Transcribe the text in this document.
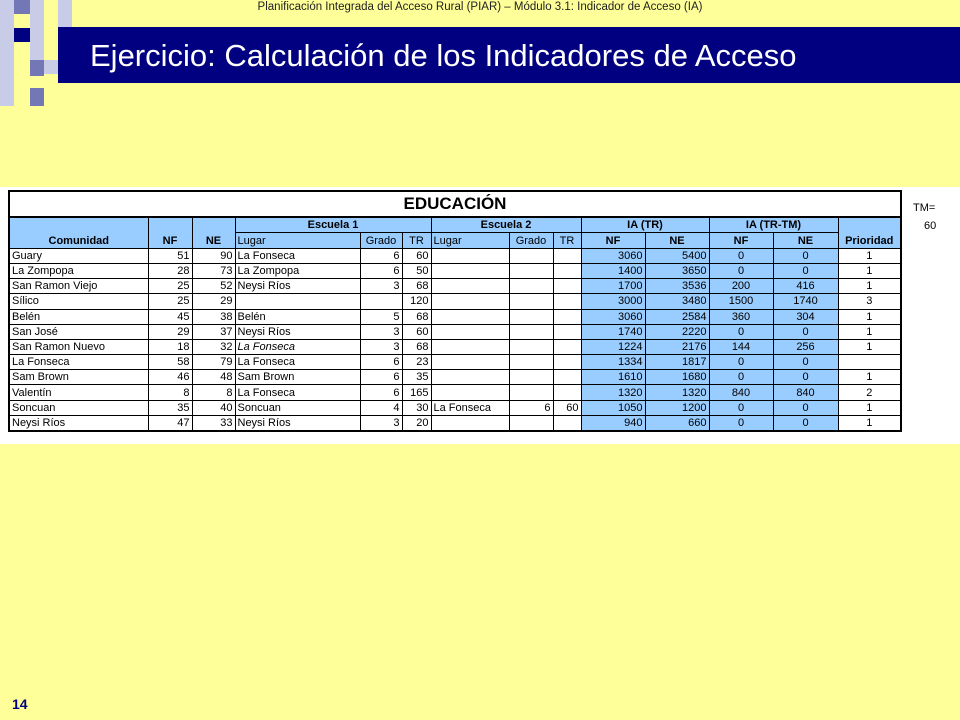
Planificación Integrada del Acceso Rural (PIAR) – Módulo 3.1: Indicador de Acceso (IA)
Ejercicio: Calculación de los Indicadores de Acceso
EDUCACIÓN													
Comunidad	NF	NE	Escuela 1			Escuela 2			IA (TR)		IA (TR-TM)		Prioridad
			Lugar	Grado	TR	Lugar	Grado	TR	NF	NE	NF	NE	
Guary	51	90	La Fonseca	6	60				3060	5400	0	0	1
La Zompopa	28	73	La Zompopa	6	50				1400	3650	0	0	1
San Ramon Viejo	25	52	Neysi Ríos	3	68				1700	3536	200	416	1
Sílico	25	29			120				3000	3480	1500	1740	3
Belén	45	38	Belén	5	68				3060	2584	360	304	1
San José	29	37	Neysi Ríos	3	60				1740	2220	0	0	1
San Ramon Nuevo	18	32	La Fonseca	3	68				1224	2176	144	256	1
La Fonseca	58	79	La Fonseca	6	23				1334	1817	0	0	
Sam Brown	46	48	Sam Brown	6	35				1610	1680	0	0	1
Valentín	8	8	La Fonseca	6	165				1320	1320	840	840	2
Soncuan	35	40	Soncuan	4	30	La Fonseca	6	60	1050	1200	0	0	1
Neysi Ríos	47	33	Neysi Ríos	3	20				940	660	0	0	1
TM=
60
14
